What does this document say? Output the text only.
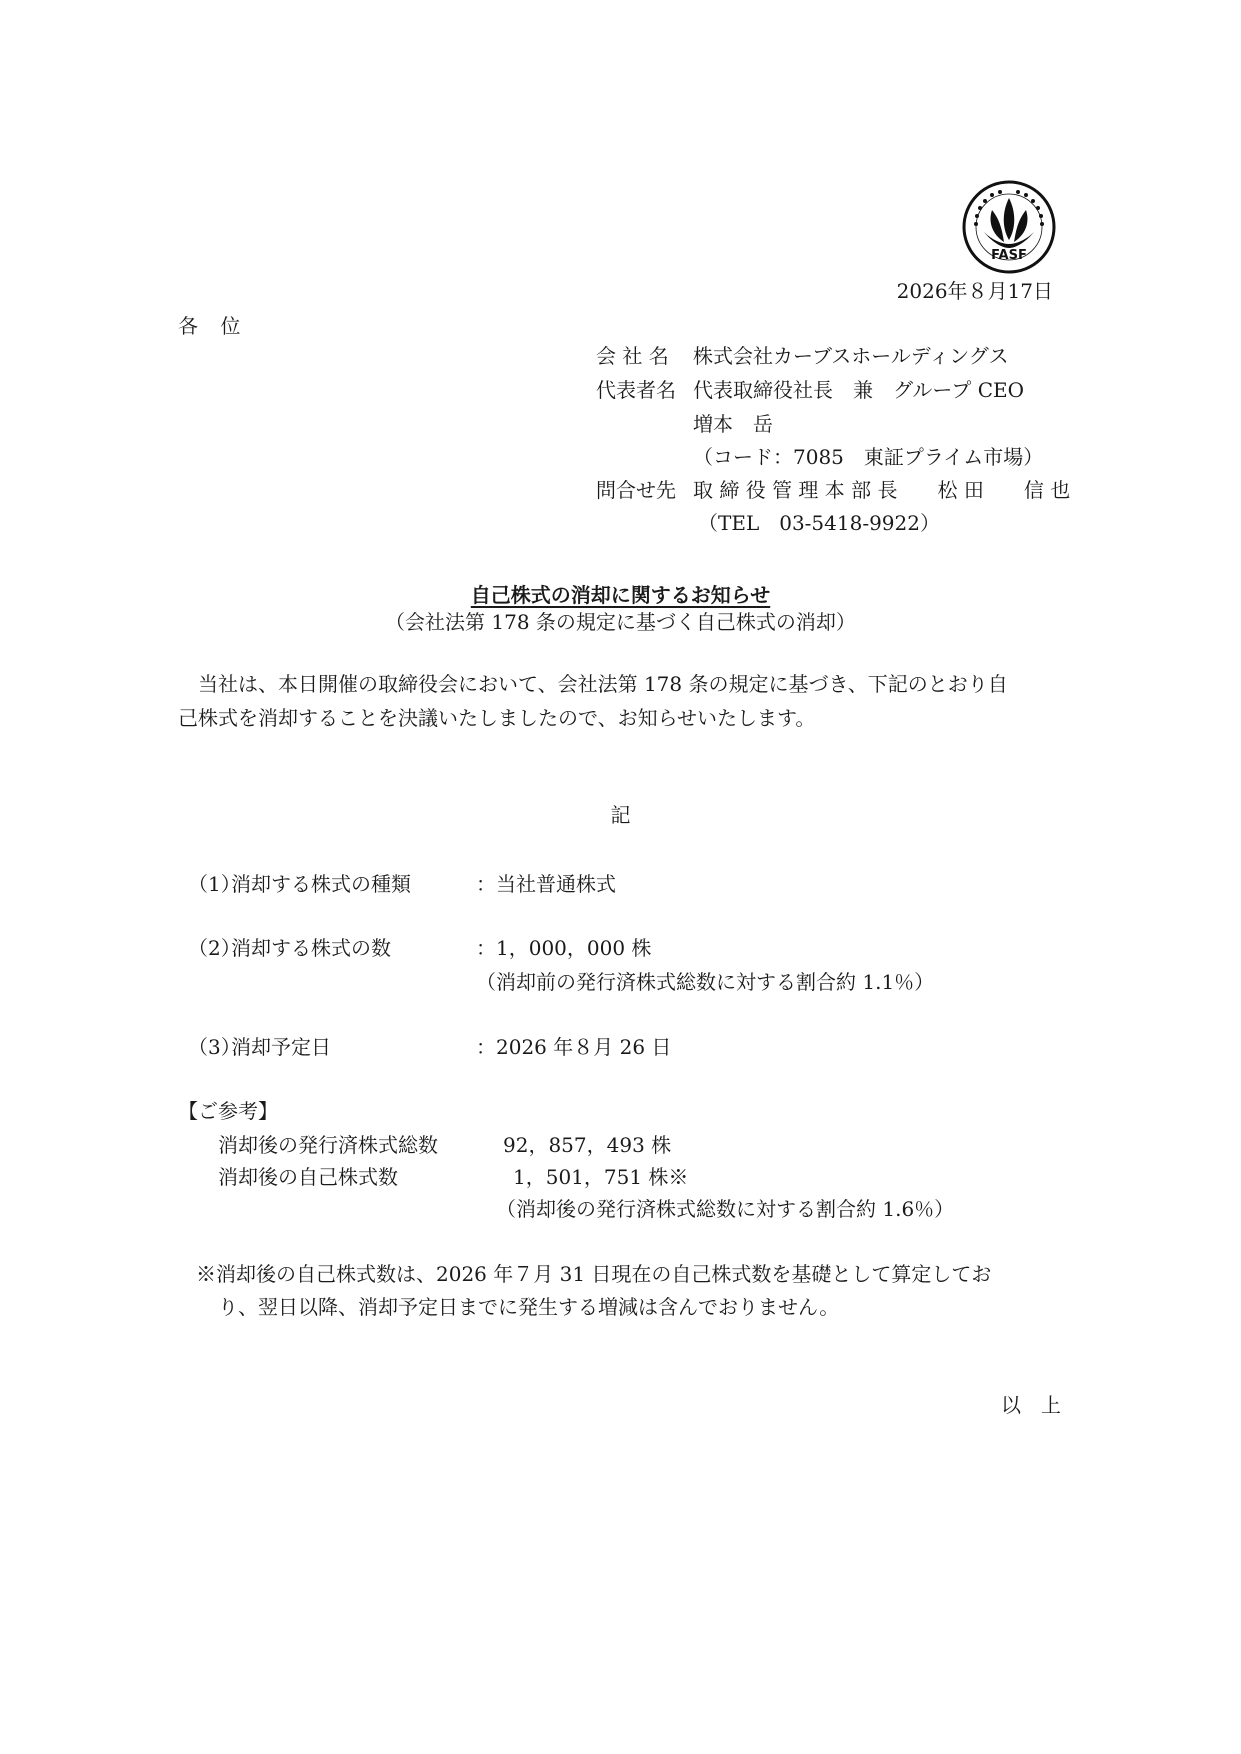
FASF
2026年８月17日
各 位
会 社 名 株式会社カーブスホールディングス
代表者名 代表取締役社長　兼　グループ CEO
増本　岳
（コード：7085　東証プライム市場）
問合せ先 取 締 役 管 理 本 部 長　　松 田　　信 也
（TEL　03-5418-9922）
自己株式の消却に関するお知らせ
（会社法第 178 条の規定に基づく自己株式の消却）
当社は、本日開催の取締役会において、会社法第 178 条の規定に基づき、下記のとおり自
己株式を消却することを決議いたしましたので、お知らせいたします。
記
（1）
消却する株式の種類	：当社普通株式
（2）
消却する株式の数	：1，000，000 株
（消却前の発行済株式総数に対する割合約 1.1％）
（3）
消却予定日	：2026 年８月 26 日
【ご参考】
消却後の発行済株式総数	92，857，493 株
消却後の自己株式数	1，501，751 株※
（消却後の発行済株式総数に対する割合約 1.6％）
※消却後の自己株式数は、2026 年７月 31 日現在の自己株式数を基礎として算定してお
り、翌日以降、消却予定日までに発生する増減は含んでおりません。
以　上
